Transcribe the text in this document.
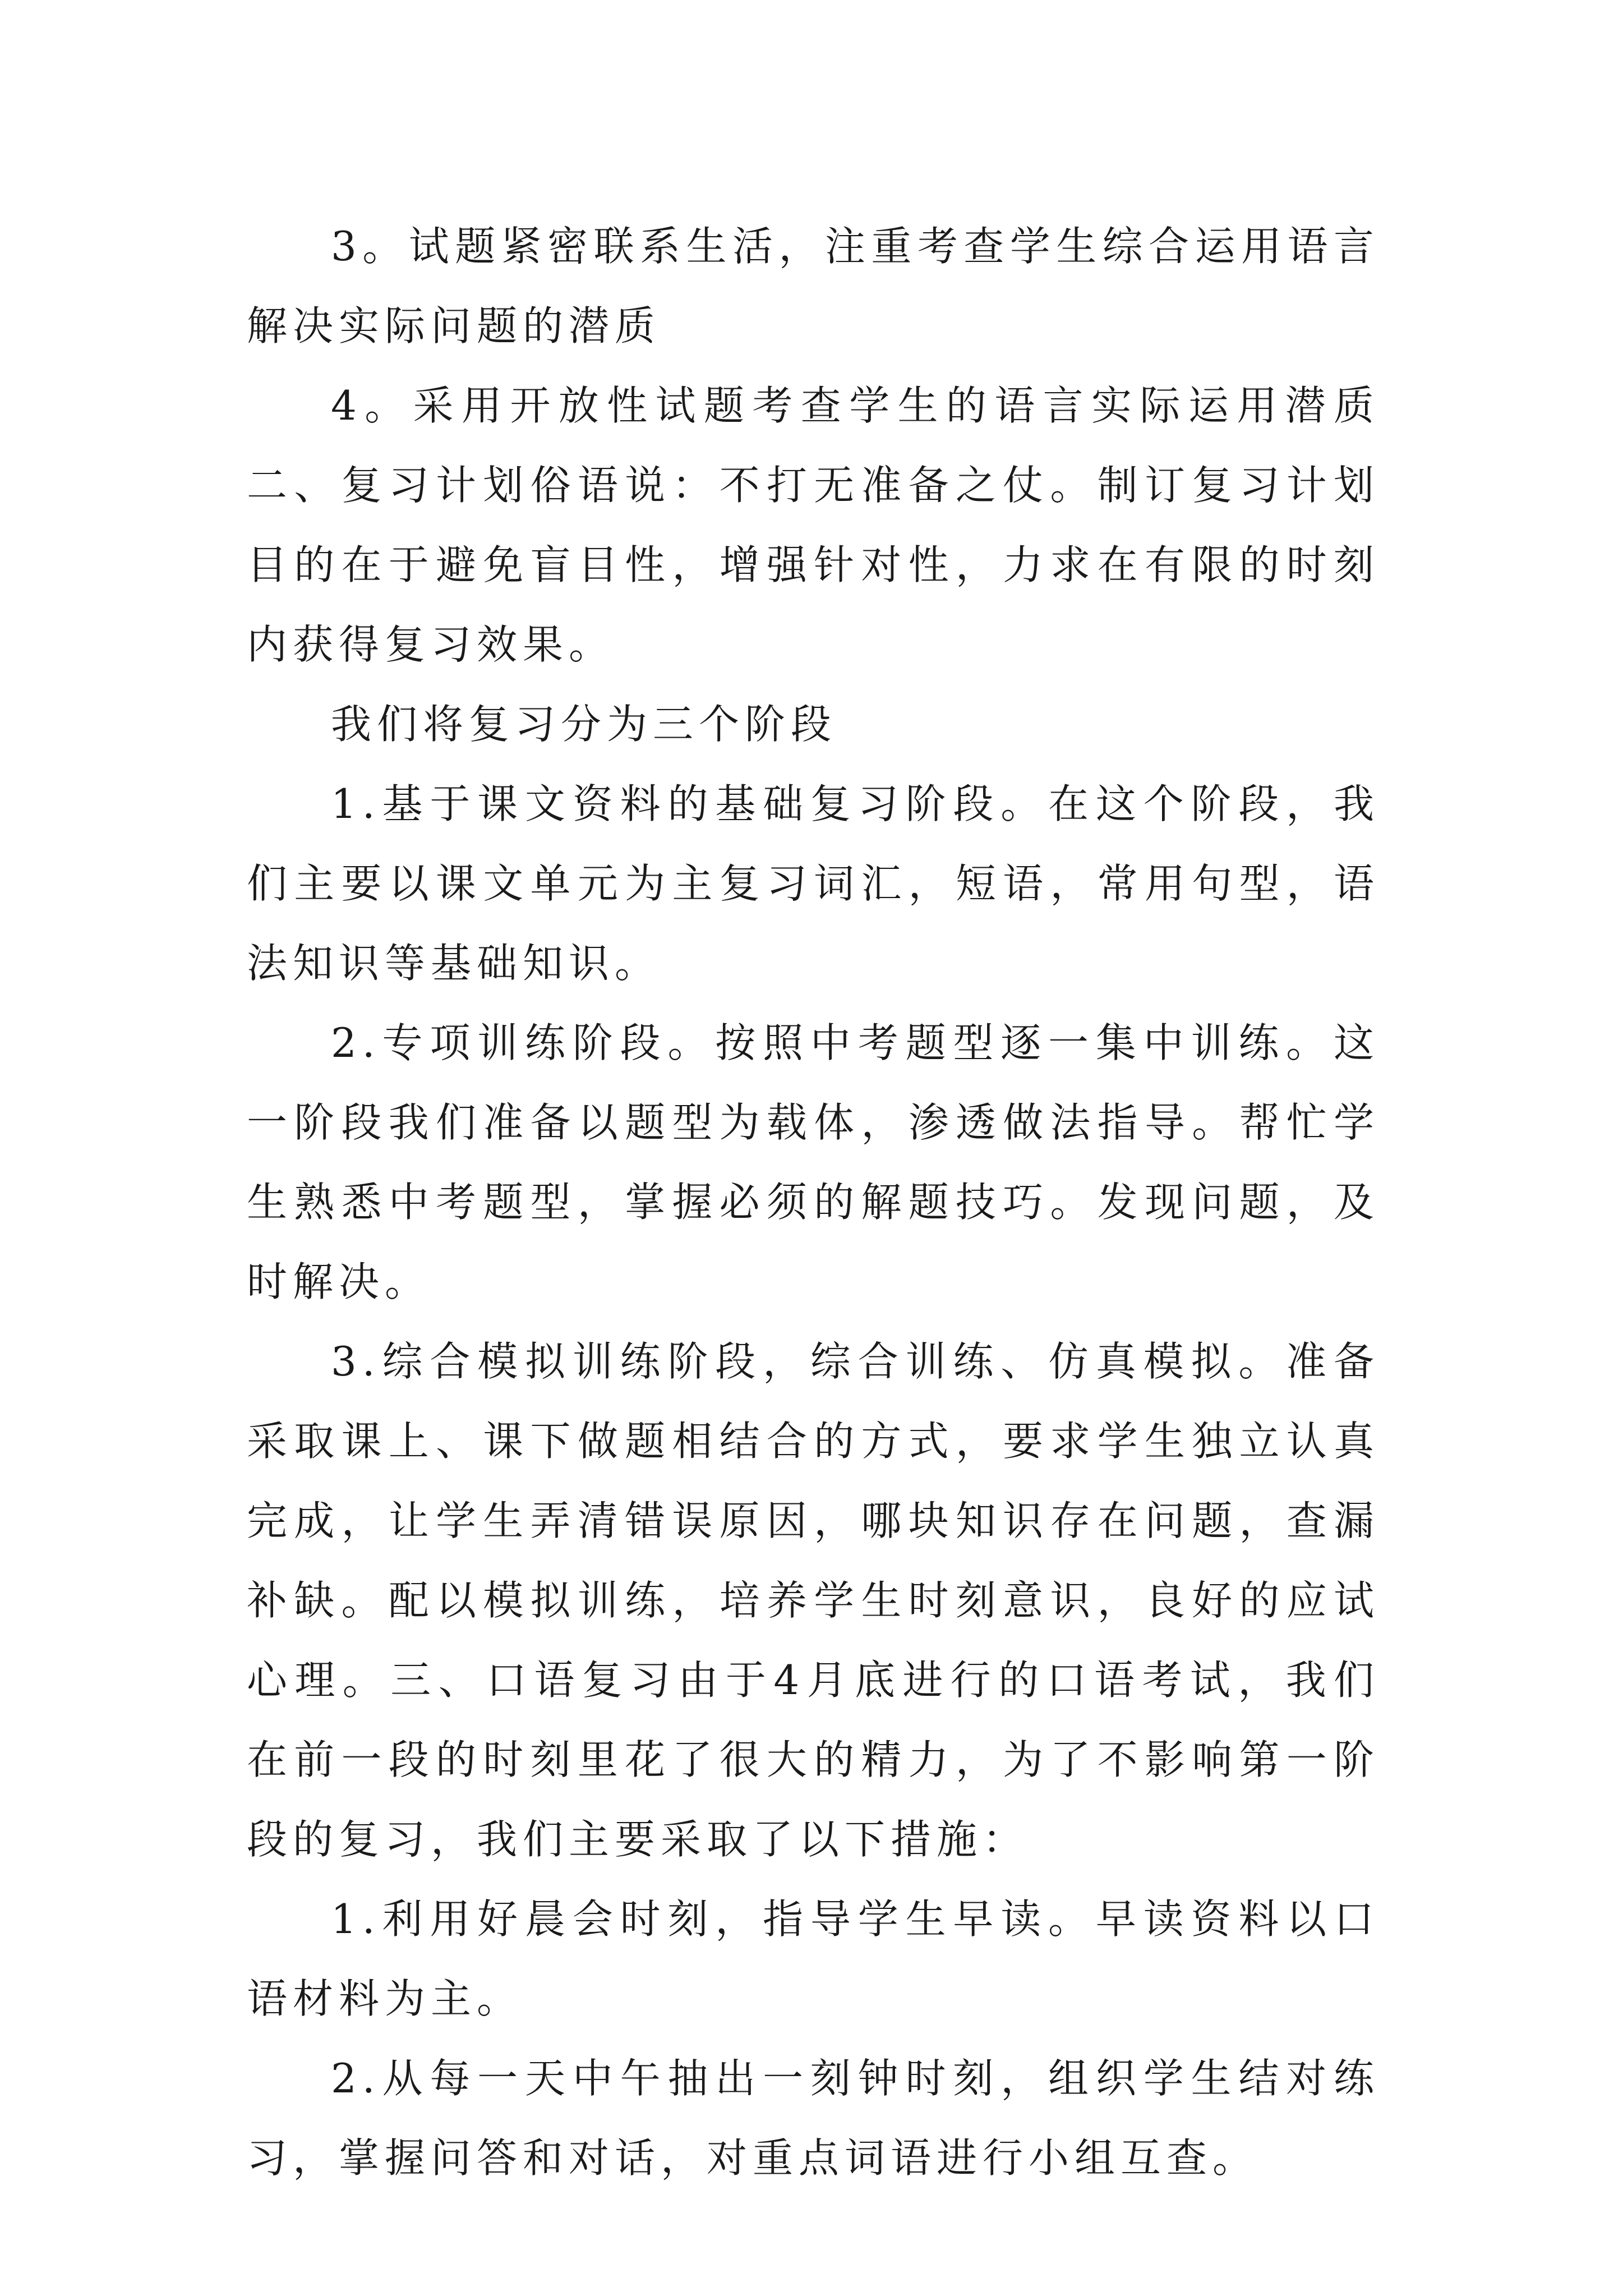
3。试题紧密联系生活，注重考查学生综合运用语言解决实际问题的潜质

4。采用开放性试题考查学生的语言实际运用潜质二、复习计划俗语说：不打无准备之仗。制订复习计划目的在于避免盲目性，增强针对性，力求在有限的时刻内获得复习效果。

我们将复习分为三个阶段

1.基于课文资料的基础复习阶段。在这个阶段，我们主要以课文单元为主复习词汇，短语，常用句型，语法知识等基础知识。

2.专项训练阶段。按照中考题型逐一集中训练。这一阶段我们准备以题型为载体，渗透做法指导。帮忙学生熟悉中考题型，掌握必须的解题技巧。发现问题，及时解决。

3.综合模拟训练阶段，综合训练、仿真模拟。准备采取课上、课下做题相结合的方式，要求学生独立认真完成，让学生弄清错误原因，哪块知识存在问题，查漏补缺。配以模拟训练，培养学生时刻意识，良好的应试心理。三、口语复习由于4月底进行的口语考试，我们在前一段的时刻里花了很大的精力，为了不影响第一阶段的复习，我们主要采取了以下措施：

1.利用好晨会时刻，指导学生早读。早读资料以口语材料为主。

2.从每一天中午抽出一刻钟时刻，组织学生结对练习，掌握问答和对话，对重点词语进行小组互查。
